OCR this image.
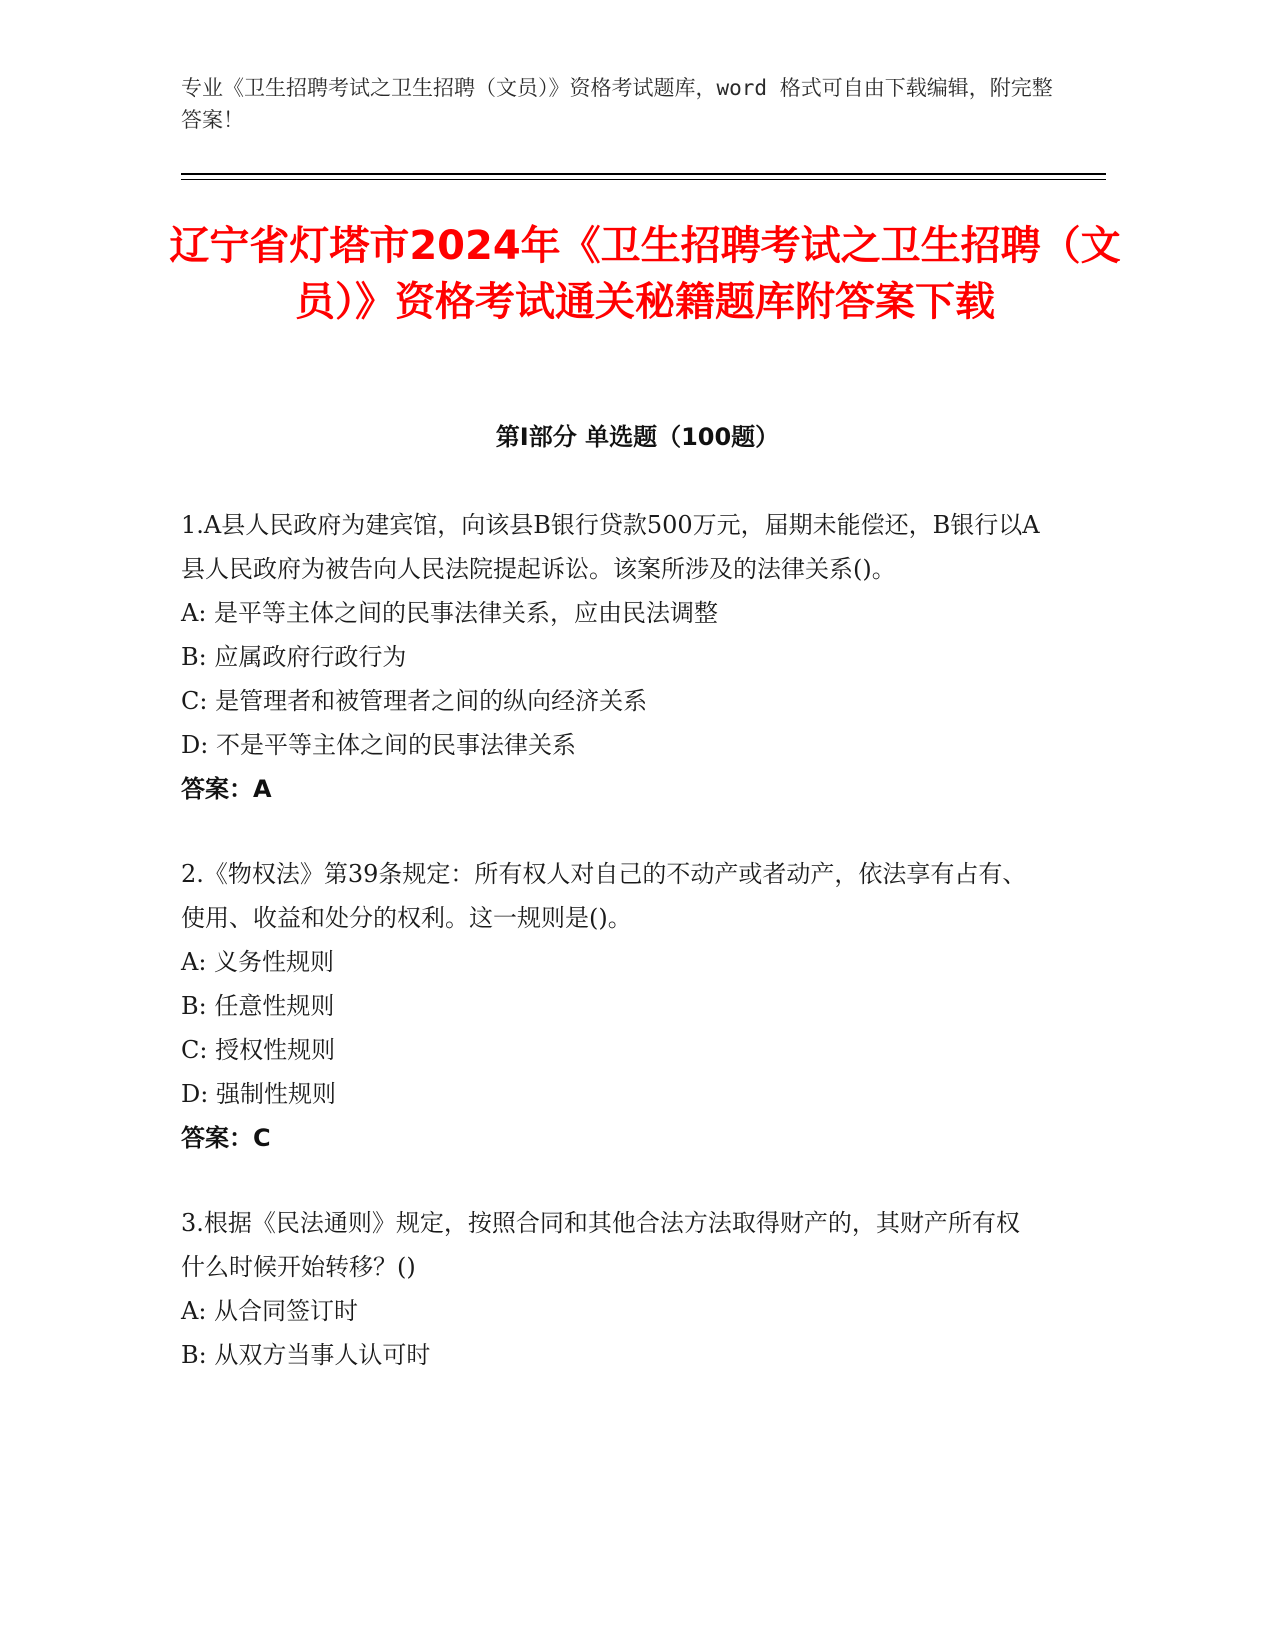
专业《卫生招聘考试之卫生招聘（文员）》资格考试题库，word 格式可自由下载编辑，附完整答案！
辽宁省灯塔市2024年《卫生招聘考试之卫生招聘（文员）》资格考试通关秘籍题库附答案下载
第I部分 单选题（100题）
1.A县人民政府为建宾馆，向该县B银行贷款500万元，届期未能偿还，B银行以A县人民政府为被告向人民法院提起诉讼。该案所涉及的法律关系()。
A: 是平等主体之间的民事法律关系，应由民法调整
B: 应属政府行政行为
C: 是管理者和被管理者之间的纵向经济关系
D: 不是平等主体之间的民事法律关系
答案：A
2.《物权法》第39条规定：所有权人对自己的不动产或者动产，依法享有占有、使用、收益和处分的权利。这一规则是()。
A: 义务性规则
B: 任意性规则
C: 授权性规则
D: 强制性规则
答案：C
3.根据《民法通则》规定，按照合同和其他合法方法取得财产的，其财产所有权什么时候开始转移？()
A: 从合同签订时
B: 从双方当事人认可时
